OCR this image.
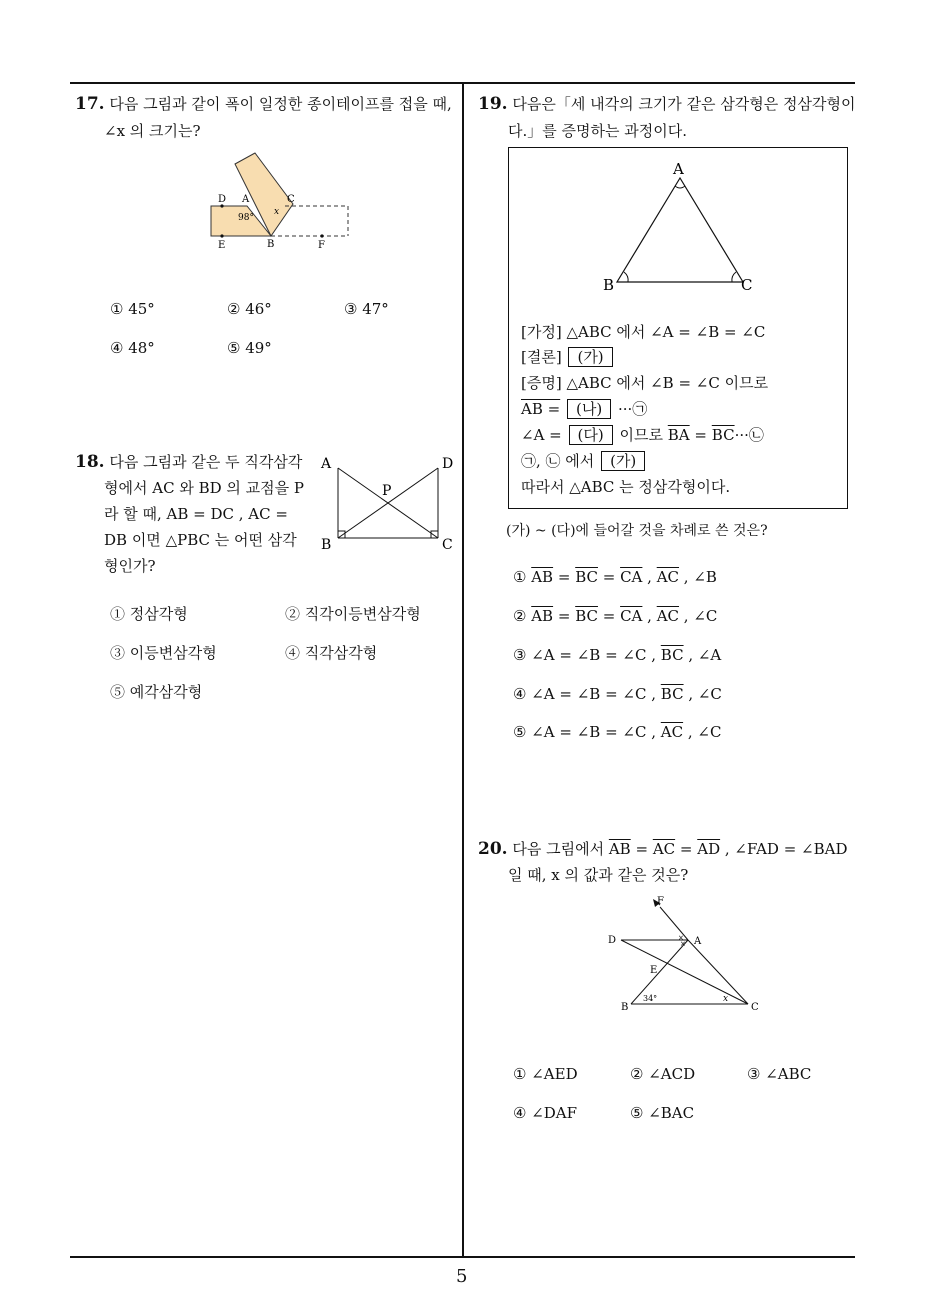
5
17. 다음 그림과 같이 폭이 일정한 종이테이프를 접을 때,
∠x 의 크기는?
D A	C
98°
x
E	B	F
① 45°	② 46°	③ 47°
④ 48°	⑤ 49°
18. 다음 그림과 같은 두 직각삼각
형에서 AC 와 BD 의 교점을 P
라 할 때, AB = DC , AC =
DB 이면 △PBC 는 어떤 삼각
형인가?
A	D
P
B	C
① 정삼각형	② 직각이등변삼각형
③ 이등변삼각형	④ 직각삼각형
⑤ 예각삼각형
19. 다음은「세 내각의 크기가 같은 삼각형은 정삼각형이
다.」를 증명하는 과정이다.
A
B	C
[가정] △ABC 에서 ∠A = ∠B = ∠C
[결론] (가)
[증명] △ABC 에서 ∠B = ∠C 이므로
AB = (나) ···㉠
∠A = (다) 이므로 $\overline{BA}$ = $\overline{BC}\cdot\cdot\cdot㉡$
㉠, ㉡ 에서 (가)
따라서 △ABC 는 정삼각형이다.
(가) ~ (다)에 들어갈 것을 차례로 쓴 것은?
① $\overline{AB} = \overline{BC} = \overline{CA}$ , $\overline{AC}$ , ∠B
② $\overline{AB} = \overline{BC} = \overline{CA}$ , $\overline{AC}$ , ∠C
③ ∠A = ∠B = ∠C , $\overline{BC}$ , ∠A
④ ∠A = ∠B = ∠C , $\overline{BC}$ , ∠C
⑤ ∠A = ∠B = ∠C , $\overline{AC}$ , ∠C
20. 다음 그림에서 $\overline{AB} = \overline{AC} = \overline{AD}$ , ∠FAD = ∠BAD
일 때, x 의 값과 같은 것은?
F
D	A
E
B	C
34°	x
×
×
① ∠AED	② ∠ACD	③ ∠ABC
④ ∠DAF	⑤ ∠BAC
